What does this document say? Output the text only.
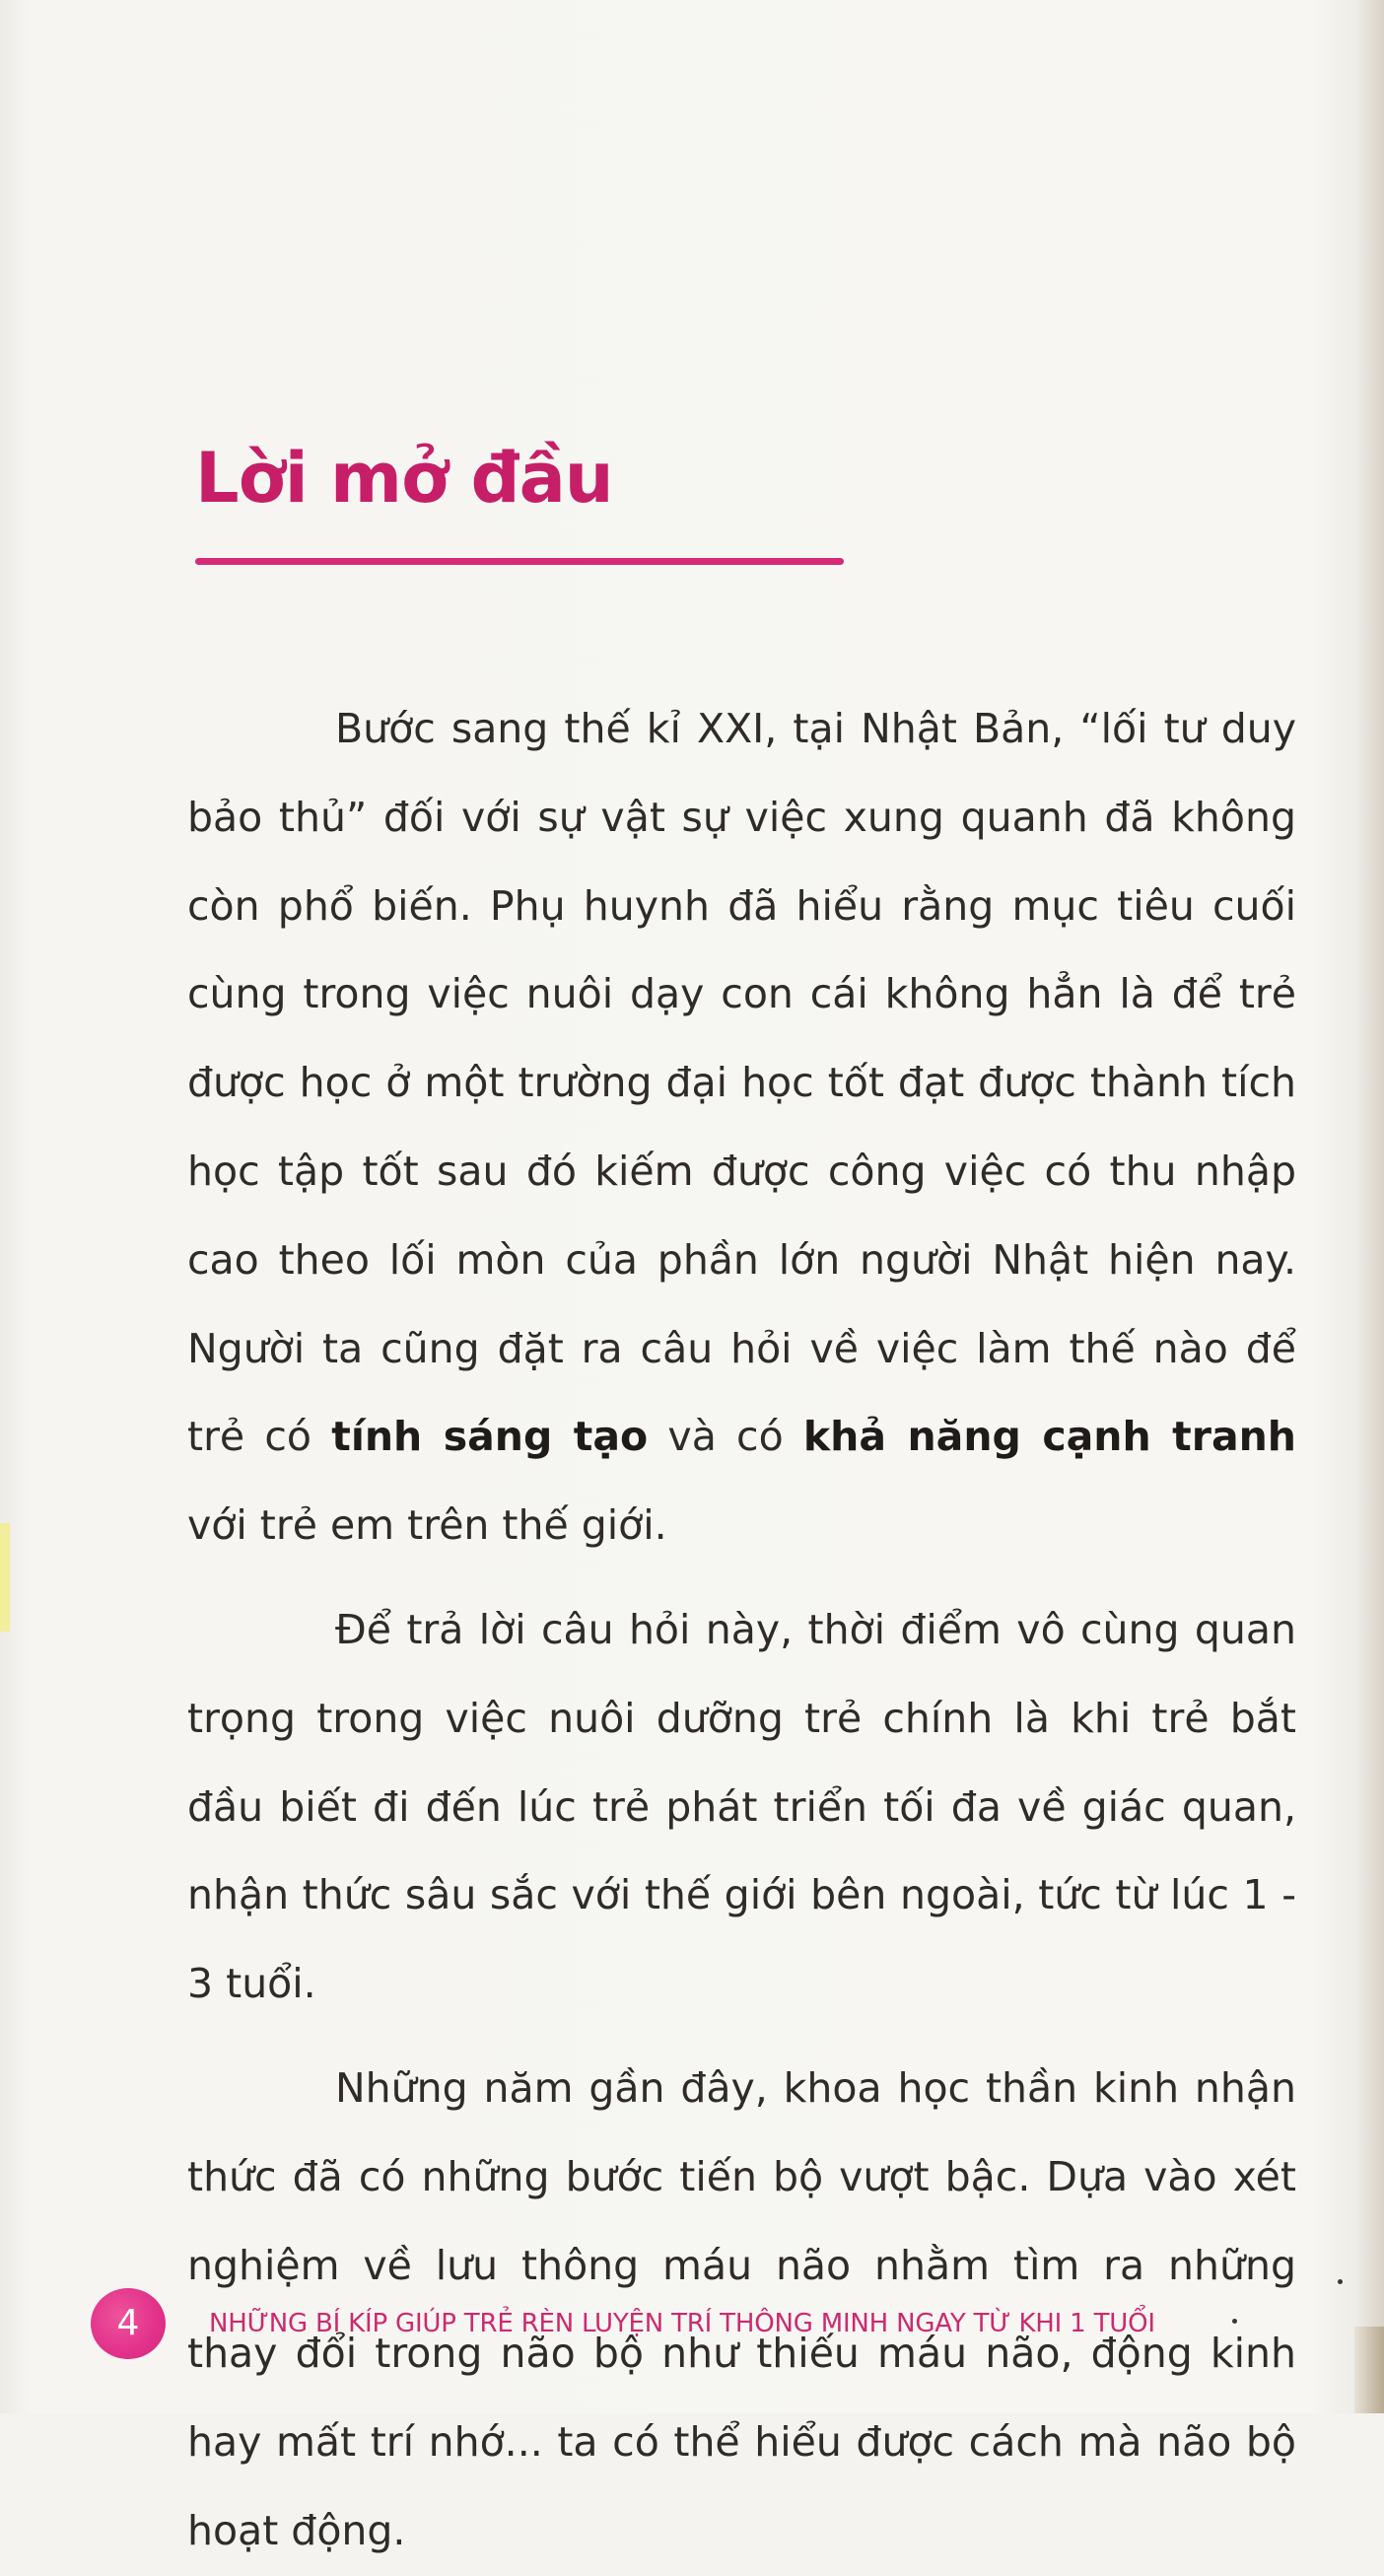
Lời mở đầu

Bước sang thế kỉ XXI, tại Nhật Bản, “lối tư duy bảo thủ” đối với sự vật sự việc xung quanh đã không còn phổ biến. Phụ huynh đã hiểu rằng mục tiêu cuối cùng trong việc nuôi dạy con cái không hẳn là để trẻ được học ở một trường đại học tốt đạt được thành tích học tập tốt sau đó kiếm được công việc có thu nhập cao theo lối mòn của phần lớn người Nhật hiện nay. Người ta cũng đặt ra câu hỏi về việc làm thế nào để trẻ có tính sáng tạo và có khả năng cạnh tranh với trẻ em trên thế giới.

Để trả lời câu hỏi này, thời điểm vô cùng quan trọng trong việc nuôi dưỡng trẻ chính là khi trẻ bắt đầu biết đi đến lúc trẻ phát triển tối đa về giác quan, nhận thức sâu sắc với thế giới bên ngoài, tức từ lúc 1 - 3 tuổi.

Những năm gần đây, khoa học thần kinh nhận thức đã có những bước tiến bộ vượt bậc. Dựa vào xét nghiệm về lưu thông máu não nhằm tìm ra những thay đổi trong não bộ như thiếu máu não, động kinh hay mất trí nhớ... ta có thể hiểu được cách mà não bộ hoạt động.

4	NHỮNG BÍ KÍP GIÚP TRẺ RÈN LUYỆN TRÍ THÔNG MINH NGAY TỪ KHI 1 TUỔI
